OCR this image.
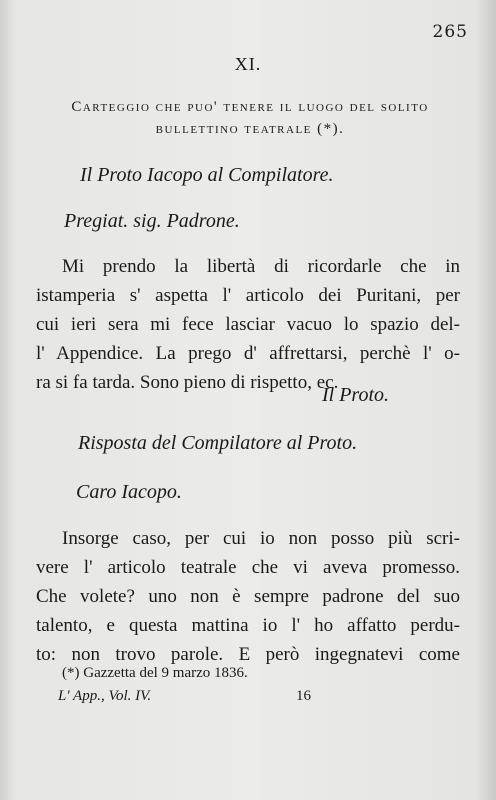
265
XI.
Carteggio che puo' tenere il luogo del solito
bullettino teatrale (*).
Il Proto Iacopo al Compilatore.
Pregiat. sig. Padrone.
Mi prendo la libertà di ricordarle che in
istamperia s' aspetta l' articolo dei Puritani, per
cui ieri sera mi fece lasciar vacuo lo spazio del-
l' Appendice. La prego d' affrettarsi, perchè l' o-
ra si fa tarda. Sono pieno di rispetto, ec.
Il Proto.
Risposta del Compilatore al Proto.
Caro Iacopo.
Insorge caso, per cui io non posso più scri-
vere l' articolo teatrale che vi aveva promesso.
Che volete? uno non è sempre padrone del suo
talento, e questa mattina io l' ho affatto perdu-
to: non trovo parole. E però ingegnatevi come
(*) Gazzetta del 9 marzo 1836.
L' App., Vol. IV.	16
